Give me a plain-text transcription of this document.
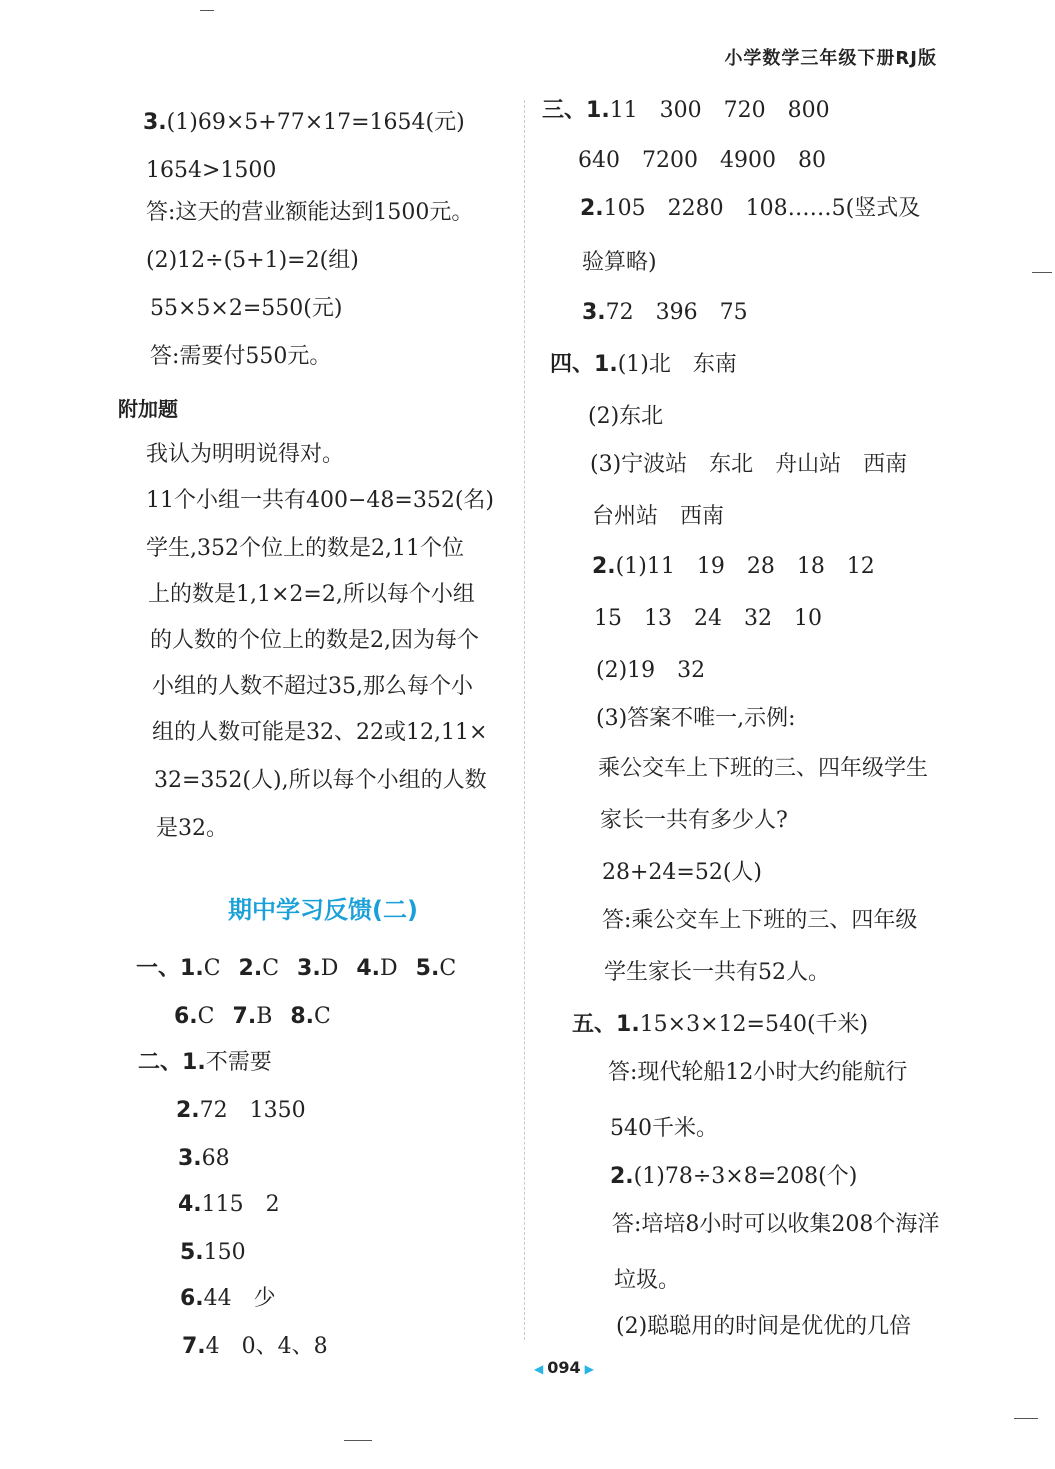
小学数学三年级下册RJ版
3.(1)69×5+77×17=1654(元)
1654>1500
答:这天的营业额能达到1500元。
(2)12÷(5+1)=2(组)
55×5×2=550(元)
答:需要付550元。
附加题
我认为明明说得对。
11个小组一共有400−48=352(名)
学生,352个位上的数是2,11个位
上的数是1,1×2=2,所以每个小组
的人数的个位上的数是2,因为每个
小组的人数不超过35,那么每个小
组的人数可能是32、22或12,11×
32=352(人),所以每个小组的人数
是32。
期中学习反馈(二)
一、1.C 2.C 3.D 4.D 5.C
6.C 7.B 8.C
二、1.不需要
2.72　1350
3.68
4.115　2
5.150
6.44　少
7.4　0、4、8
三、1.11　300　720　800
640　7200　4900　80
2.105　2280　108……5(竖式及
验算略)
3.72　396　75
四、1.(1)北　东南
(2)东北
(3)宁波站　东北　舟山站　西南
台州站　西南
2.(1)11　19　28　18　12
15　13　24　32　10
(2)19　32
(3)答案不唯一,示例:
乘公交车上下班的三、四年级学生
家长一共有多少人?
28+24=52(人)
答:乘公交车上下班的三、四年级
学生家长一共有52人。
五、1.15×3×12=540(千米)
答:现代轮船12小时大约能航行
540千米。
2.(1)78÷3×8=208(个)
答:培培8小时可以收集208个海洋
垃圾。
(2)聪聪用的时间是优优的几倍
◀ 094 ▶
